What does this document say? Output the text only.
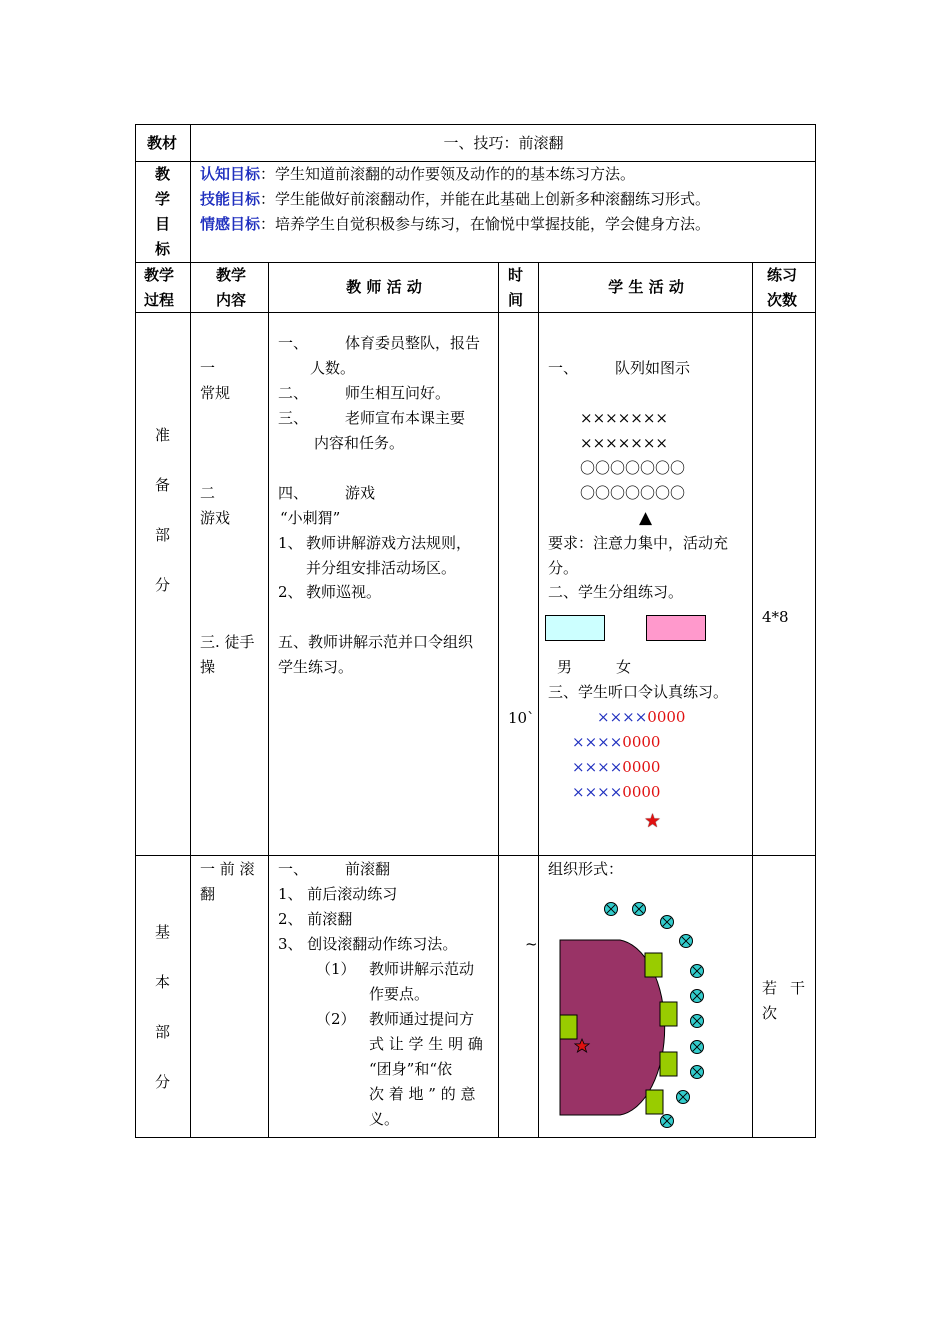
教材	一、技巧：前滚翻
教
学
目
标
认知目标：学生知道前滚翻的动作要领及动作的的基本练习方法。
技能目标：学生能做好前滚翻动作，并能在此基础上创新多种滚翻练习形式。
情感目标：培养学生自觉积极参与练习，在愉悦中掌握技能，学会健身方法。
教学
过程
教学
内容
教 师 活 动
时
间
学 生 活 动
练习
次数
准
备
部
分
一
常规
二
游戏
三. 徒手
操
一、 体育委员整队，报告
人数。
二、 师生相互问好。
三、 老师宣布本课主要
内容和任务。
四、 游戏
“小刺猬”
1、 教师讲解游戏方法规则，
并分组安排活动场区。
2、 教师巡视。
五、教师讲解示范并口令组织
学生练习。
10`
一、 队列如图示
×××××××
×××××××
〇〇〇〇〇〇〇
〇〇〇〇〇〇〇
▲
要求：注意力集中，活动充
分。
二、学生分组练习。
男	女
三、学生听口令认真练习。
××××0000
××××0000
××××0000
××××0000
★
4*8
基
本
部
分
一 前 滚
翻
一、 前滚翻
1、 前后滚动练习
2、 前滚翻
3、 创设滚翻动作练习法。
（1） 教师讲解示范动
作要点。
（2） 教师通过提问方
式 让 学 生 明 确
“团身”和“依
次 着 地 ” 的 意
义。
~
组织形式：
若 干
次
